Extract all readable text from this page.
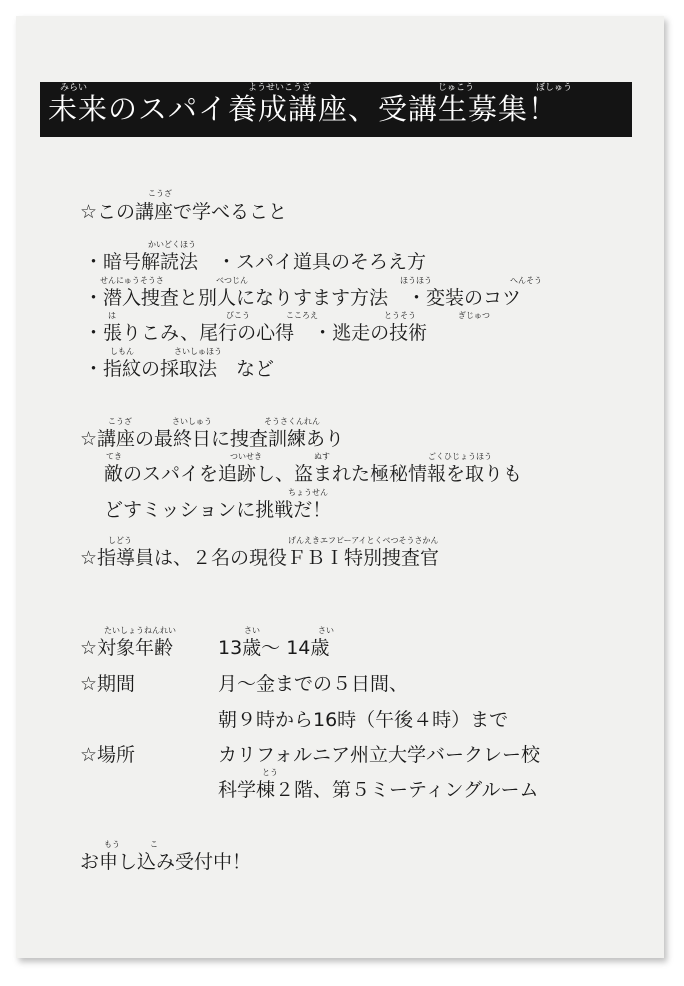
みらい	ようせいこうざ	じゅこう	ぼしゅう
未来のスパイ養成講座、受講生募集！
こうざ
☆この講座で学べること
かいどくほう
・暗号解読法　・スパイ道具のそろえ方
せんにゅうそうさ	べつじん	ほうほう	へんそう
・潜入捜査と別人になりすます方法　・変装のコツ
は	びこう	こころえ	とうそう	ぎじゅつ
・張りこみ、尾行の心得　・逃走の技術
しもん	さいしゅほう
・指紋の採取法　など
こうざ	さいしゅう	そうさくんれん
☆講座の最終日に捜査訓練あり
てき	ついせき	ぬす	ごくひじょうほう
敵のスパイを追跡し、盗まれた極秘情報を取りも
ちょうせん
どすミッションに挑戦だ！
しどう	げんえきエフビーアイとくべつそうさかん
☆指導員は、２名の現役ＦＢＩ特別捜査官
たいしょうねんれい	さい	さい
☆対象年齢 13歳～ 14歳
☆期間	月～金までの５日間、
朝９時から16時（午後４時）まで
☆場所	カリフォルニア州立大学バークレー校
とう
科学棟２階、第５ミーティングルーム
もう	こ
お申し込み受付中！
